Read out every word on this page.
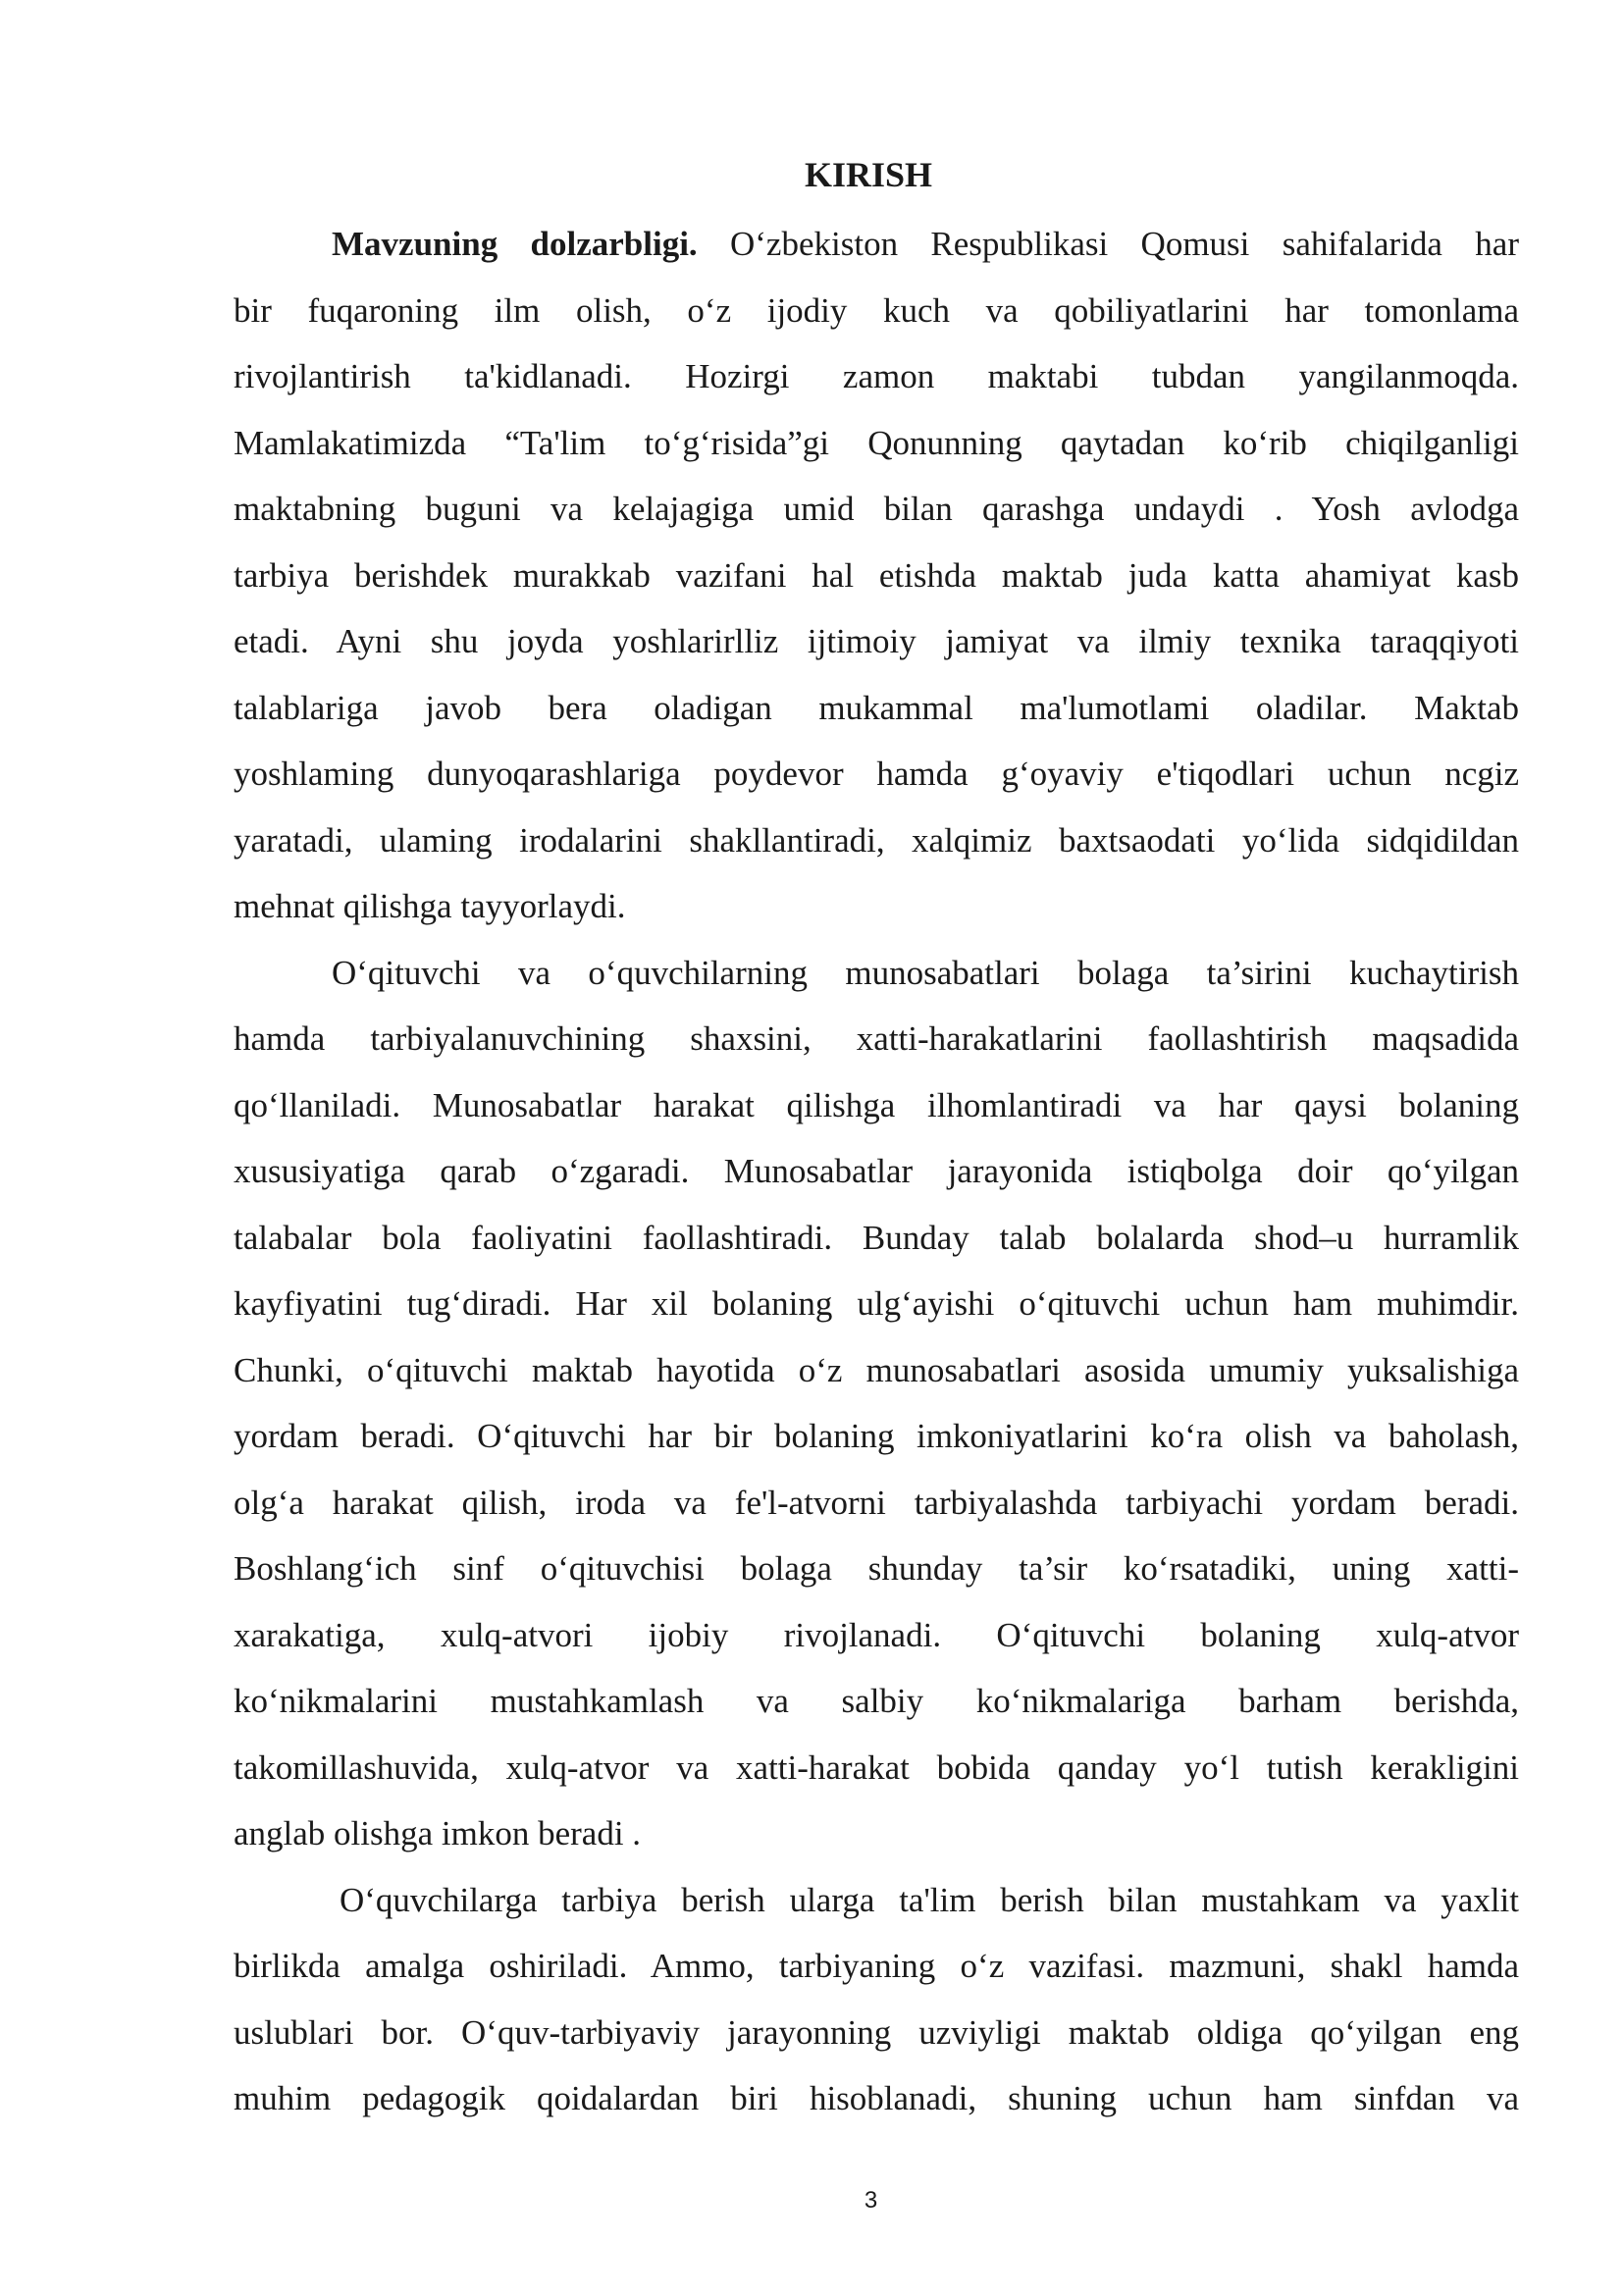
KIRISH
Mavzuning dolzarbligi. O‘zbekiston Respublikasi Qomusi sahifalarida har
bir fuqaroning ilm olish, o‘z ijodiy kuch va qobiliyatlarini har tomonlama
rivojlantirish ta'kidlanadi. Hozirgi zamon maktabi tubdan yangilanmoqda.
Mamlakatimizda “Ta'lim to‘g‘risida”gi Qonunning qaytadan ko‘rib chiqilganligi
maktabning buguni va kelajagiga umid bilan qarashga undaydi . Yosh avlodga
tarbiya berishdek murakkab vazifani hal etishda maktab juda katta ahamiyat kasb
etadi. Ayni shu joyda yoshlarirlliz ijtimoiy jamiyat va ilmiy texnika taraqqiyoti
talablariga javob bera oladigan mukammal ma'lumotlami oladilar. Maktab
yoshlaming dunyoqarashlariga poydevor hamda g‘oyaviy e'tiqodlari uchun ncgiz
yaratadi, ulaming irodalarini shakllantiradi, xalqimiz baxtsaodati yo‘lida sidqidildan
mehnat qilishga tayyorlaydi.
O‘qituvchi va o‘quvchilarning munosabatlari bolaga ta’sirini kuchaytirish
hamda tarbiyalanuvchining shaxsini, xatti-harakatlarini faollashtirish maqsadida
qo‘llaniladi. Munosabatlar harakat qilishga ilhomlantiradi va har qaysi bolaning
xususiyatiga qarab o‘zgaradi. Munosabatlar jarayonida istiqbolga doir qo‘yilgan
talabalar bola faoliyatini faollashtiradi. Bunday talab bolalarda shod–u hurramlik
kayfiyatini tug‘diradi. Har xil bolaning ulg‘ayishi o‘qituvchi uchun ham muhimdir.
Chunki, o‘qituvchi maktab hayotida o‘z munosabatlari asosida umumiy yuksalishiga
yordam beradi. O‘qituvchi har bir bolaning imkoniyatlarini ko‘ra olish va baholash,
olg‘a harakat qilish, iroda va fe'l-atvorni tarbiyalashda tarbiyachi yordam beradi.
Boshlang‘ich sinf o‘qituvchisi bolaga shunday ta’sir ko‘rsatadiki, uning xatti-
xarakatiga, xulq-atvori ijobiy rivojlanadi. O‘qituvchi bolaning xulq-atvor
ko‘nikmalarini mustahkamlash va salbiy ko‘nikmalariga barham berishda,
takomillashuvida, xulq-atvor va xatti-harakat bobida qanday yo‘l tutish kerakligini
anglab olishga imkon beradi .
O‘quvchilarga tarbiya berish ularga ta'lim berish bilan mustahkam va yaxlit
birlikda amalga oshiriladi. Ammo, tarbiyaning o‘z vazifasi. mazmuni, shakl hamda
uslublari bor. O‘quv-tarbiyaviy jarayonning uzviyligi maktab oldiga qo‘yilgan eng
muhim pedagogik qoidalardan biri hisoblanadi, shuning uchun ham sinfdan va
3
